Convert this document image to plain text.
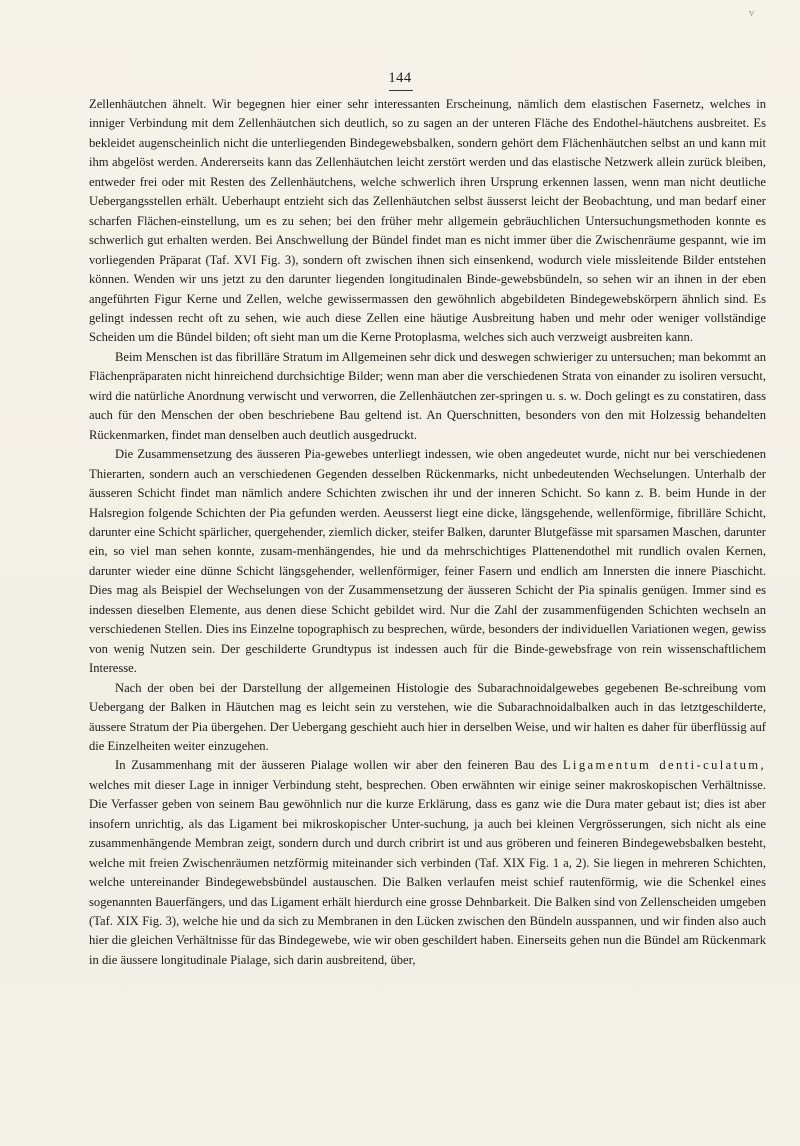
v
144

Zellenhäutchen ähnelt. Wir begegnen hier einer sehr interessanten Erscheinung, nämlich dem elastischen Fasernetz, welches in inniger Verbindung mit dem Zellenhäutchen sich deutlich, so zu sagen an der unteren Fläche des Endothel-häutchens ausbreitet. Es bekleidet augenscheinlich nicht die unterliegenden Bindegewebsbalken, sondern gehört dem Flächenhäutchen selbst an und kann mit ihm abgelöst werden. Andererseits kann das Zellenhäutchen leicht zerstört werden und das elastische Netzwerk allein zurück bleiben, entweder frei oder mit Resten des Zellenhäutchens, welche schwerlich ihren Ursprung erkennen lassen, wenn man nicht deutliche Uebergangsstellen erhält. Ueberhaupt entzieht sich das Zellenhäutchen selbst äusserst leicht der Beobachtung, und man bedarf einer scharfen Flächen-einstellung, um es zu sehen; bei den früher mehr allgemein gebräuchlichen Untersuchungsmethoden konnte es schwerlich gut erhalten werden. Bei Anschwellung der Bündel findet man es nicht immer über die Zwischenräume gespannt, wie im vorliegenden Präparat (Taf. XVI Fig. 3), sondern oft zwischen ihnen sich einsenkend, wodurch viele missleitende Bilder entstehen können. Wenden wir uns jetzt zu den darunter liegenden longitudinalen Binde-gewebsbündeln, so sehen wir an ihnen in der eben angeführten Figur Kerne und Zellen, welche gewissermassen den gewöhnlich abgebildeten Bindegewebskörpern ähnlich sind. Es gelingt indessen recht oft zu sehen, wie auch diese Zellen eine häutige Ausbreitung haben und mehr oder weniger vollständige Scheiden um die Bündel bilden; oft sieht man um die Kerne Protoplasma, welches sich auch verzweigt ausbreiten kann.

Beim Menschen ist das fibrilläre Stratum im Allgemeinen sehr dick und deswegen schwieriger zu untersuchen; man bekommt an Flächenpräparaten nicht hinreichend durchsichtige Bilder; wenn man aber die verschiedenen Strata von einander zu isoliren versucht, wird die natürliche Anordnung verwischt und verworren, die Zellenhäutchen zer-springen u. s. w. Doch gelingt es zu constatiren, dass auch für den Menschen der oben beschriebene Bau geltend ist. An Querschnitten, besonders von den mit Holzessig behandelten Rückenmarken, findet man denselben auch deutlich ausgedruckt.

Die Zusammensetzung des äusseren Pia-gewebes unterliegt indessen, wie oben angedeutet wurde, nicht nur bei verschiedenen Thierarten, sondern auch an verschiedenen Gegenden desselben Rückenmarks, nicht unbedeutenden Wechselungen. Unterhalb der äusseren Schicht findet man nämlich andere Schichten zwischen ihr und der inneren Schicht. So kann z. B. beim Hunde in der Halsregion folgende Schichten der Pia gefunden werden. Aeusserst liegt eine dicke, längsgehende, wellenförmige, fibrilläre Schicht, darunter eine Schicht spärlicher, quergehender, ziemlich dicker, steifer Balken, darunter Blutgefässe mit sparsamen Maschen, darunter ein, so viel man sehen konnte, zusam-menhängendes, hie und da mehrschichtiges Plattenendothel mit rundlich ovalen Kernen, darunter wieder eine dünne Schicht längsgehender, wellenförmiger, feiner Fasern und endlich am Innersten die innere Piaschicht. Dies mag als Beispiel der Wechselungen von der Zusammensetzung der äusseren Schicht der Pia spinalis genügen. Immer sind es indessen dieselben Elemente, aus denen diese Schicht gebildet wird. Nur die Zahl der zusammenfügenden Schichten wechseln an verschiedenen Stellen. Dies ins Einzelne topographisch zu besprechen, würde, besonders der individuellen Variationen wegen, gewiss von wenig Nutzen sein. Der geschilderte Grundtypus ist indessen auch für die Binde-gewebsfrage von rein wissenschaftlichem Interesse.

Nach der oben bei der Darstellung der allgemeinen Histologie des Subarachnoidalgewebes gegebenen Be-schreibung vom Uebergang der Balken in Häutchen mag es leicht sein zu verstehen, wie die Subarachnoidalbalken auch in das letztgeschilderte, äussere Stratum der Pia übergehen. Der Uebergang geschieht auch hier in derselben Weise, und wir halten es daher für überflüssig auf die Einzelheiten weiter einzugehen.

In Zusammenhang mit der äusseren Pialage wollen wir aber den feineren Bau des Ligamentum denti-culatum, welches mit dieser Lage in inniger Verbindung steht, besprechen. Oben erwähnten wir einige seiner makroskopischen Verhältnisse. Die Verfasser geben von seinem Bau gewöhnlich nur die kurze Erklärung, dass es ganz wie die Dura mater gebaut ist; dies ist aber insofern unrichtig, als das Ligament bei mikroskopischer Unter-suchung, ja auch bei kleinen Vergrösserungen, sich nicht als eine zusammenhängende Membran zeigt, sondern durch und durch cribrirt ist und aus gröberen und feineren Bindegewebsbalken besteht, welche mit freien Zwischenräumen netzförmig miteinander sich verbinden (Taf. XIX Fig. 1 a, 2). Sie liegen in mehreren Schichten, welche untereinander Bindegewebsbündel austauschen. Die Balken verlaufen meist schief rautenförmig, wie die Schenkel eines sogenannten Bauerfängers, und das Ligament erhält hierdurch eine grosse Dehnbarkeit. Die Balken sind von Zellenscheiden umgeben (Taf. XIX Fig. 3), welche hie und da sich zu Membranen in den Lücken zwischen den Bündeln ausspannen, und wir finden also auch hier die gleichen Verhältnisse für das Bindegewebe, wie wir oben geschildert haben. Einerseits gehen nun die Bündel am Rückenmark in die äussere longitudinale Pialage, sich darin ausbreitend, über,
